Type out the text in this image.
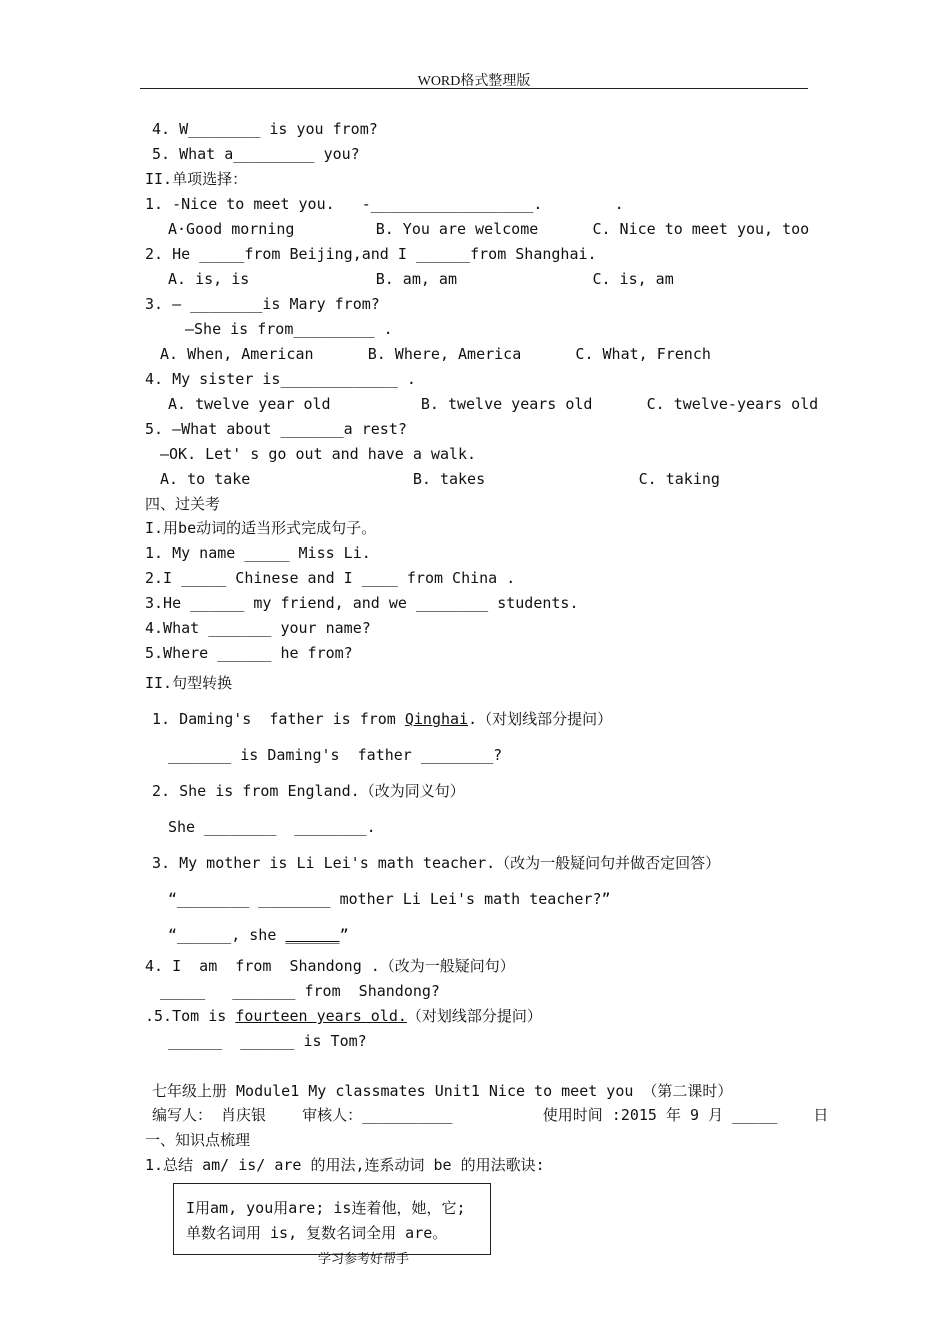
WORD格式整理版
4. W________ is you from?
5. What a_________ you?
II.单项选择：
1. -Nice to meet you.   -__________________.        .
A·Good morning         B. You are welcome      C. Nice to meet you, too
2. He _____from Beijing,and I ______from Shanghai.
A. is, is              B. am, am               C. is, am
3. — ________is Mary from?
—She is from_________ .
A. When, American      B. Where, America      C. What, French
4. My sister is_____________ .
A. twelve year old          B. twelve years old      C. twelve-years old
5. —What about _______a rest?
—OK. Let' s go out and have a walk.
A. to take                  B. takes                 C. taking
四、过关考
I.用be动词的适当形式完成句子。
1. My name _____ Miss Li.
2.I _____ Chinese and I ____ from China .
3.He ______ my friend, and we ________ students.
4.What _______ your name?
5.Where ______ he from?
II.句型转换
_______ is Daming's  father ________?
2. She is from England.（改为同义句）
She ________  ________.
3. My mother is Li Lei's math teacher.（改为一般疑问句并做否定回答）
“________ ________ mother Li Lei's math teacher?”
4. I  am  from  Shandong .（改为一般疑问句）
_____   _______ from  Shandong?
______  ______ is Tom?
七年级上册 Module1 My classmates Unit1 Nice to meet you （第二课时）
编写人： 肖庆银    审核人：__________          使用时间 :2015 年 9 月 _____    日
一、知识点梳理
1.总结 am/ is/ are 的用法,连系动词 be 的用法歌诀:
1. Daming's  father is from Qinghai.（对划线部分提问）
“______, she ______”
.5.Tom is fourteen years old.（对划线部分提问）
I用am, you用are; is连着他，她，它;
单数名词用 is, 复数名词全用 are。
学习参考好帮手
